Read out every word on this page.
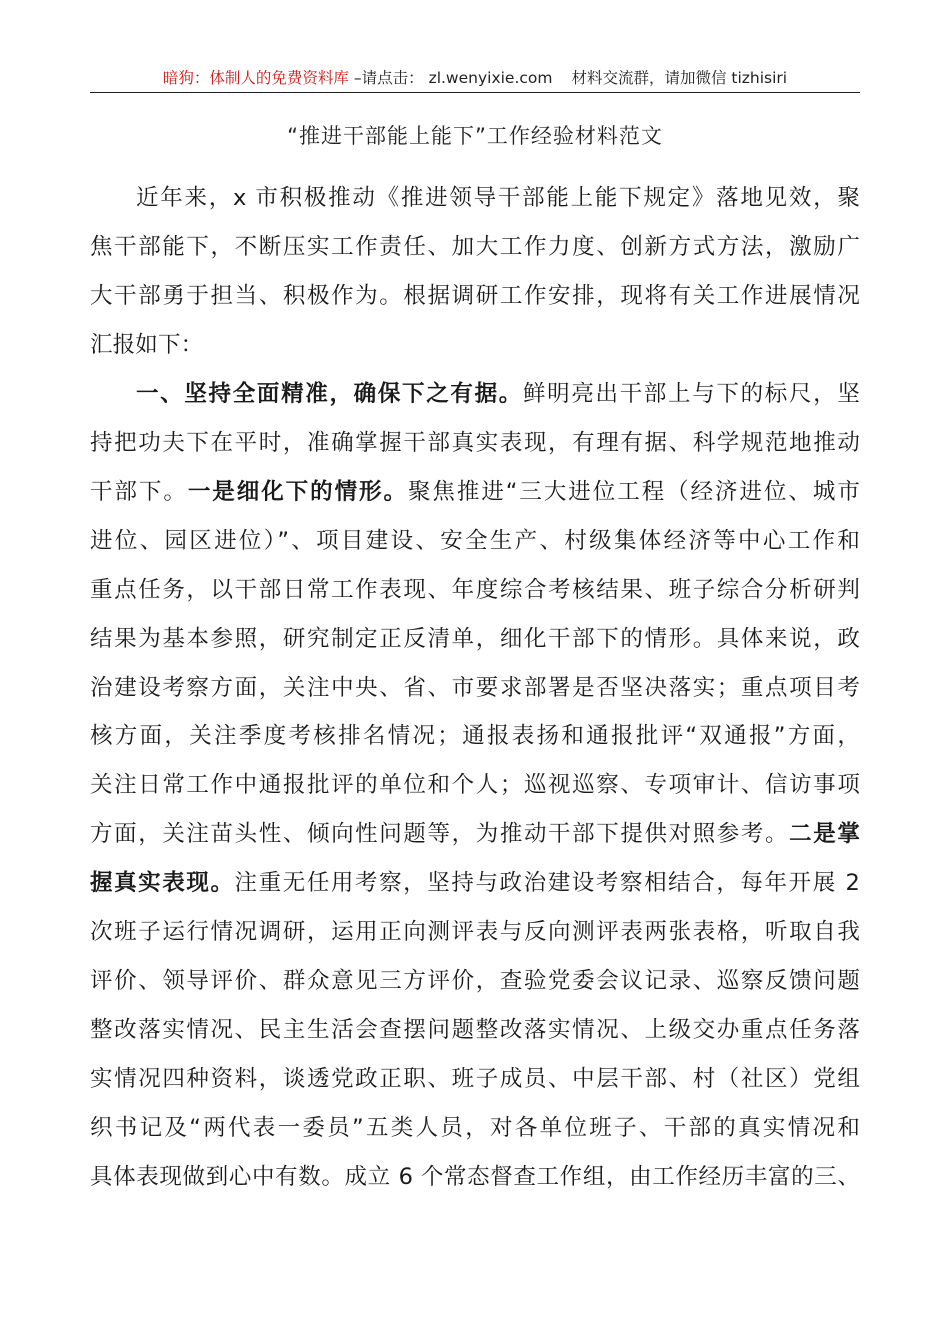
暗狗：体制人的免费资料库 –请点击： zl.wenyixie.com 材料交流群，请加微信 tizhisiri
“推进干部能上能下”工作经验材料范文
近年来，x 市积极推动《推进领导干部能上能下规定》落地见效，聚
焦干部能下，不断压实工作责任、加大工作力度、创新方式方法，激励广
大干部勇于担当、积极作为。根据调研工作安排，现将有关工作进展情况
汇报如下：
一、坚持全面精准，确保下之有据。鲜明亮出干部上与下的标尺，坚
持把功夫下在平时，准确掌握干部真实表现，有理有据、科学规范地推动
干部下。一是细化下的情形。聚焦推进“三大进位工程（经济进位、城市
进位、园区进位）”、项目建设、安全生产、村级集体经济等中心工作和
重点任务，以干部日常工作表现、年度综合考核结果、班子综合分析研判
结果为基本参照，研究制定正反清单，细化干部下的情形。具体来说，政
治建设考察方面，关注中央、省、市要求部署是否坚决落实；重点项目考
核方面，关注季度考核排名情况；通报表扬和通报批评“双通报”方面，
关注日常工作中通报批评的单位和个人；巡视巡察、专项审计、信访事项
方面，关注苗头性、倾向性问题等，为推动干部下提供对照参考。二是掌
握真实表现。注重无任用考察，坚持与政治建设考察相结合，每年开展 2
次班子运行情况调研，运用正向测评表与反向测评表两张表格，听取自我
评价、领导评价、群众意见三方评价，查验党委会议记录、巡察反馈问题
整改落实情况、民主生活会查摆问题整改落实情况、上级交办重点任务落
实情况四种资料，谈透党政正职、班子成员、中层干部、村（社区）党组
织书记及“两代表一委员”五类人员，对各单位班子、干部的真实情况和
具体表现做到心中有数。成立 6 个常态督查工作组，由工作经历丰富的三、
